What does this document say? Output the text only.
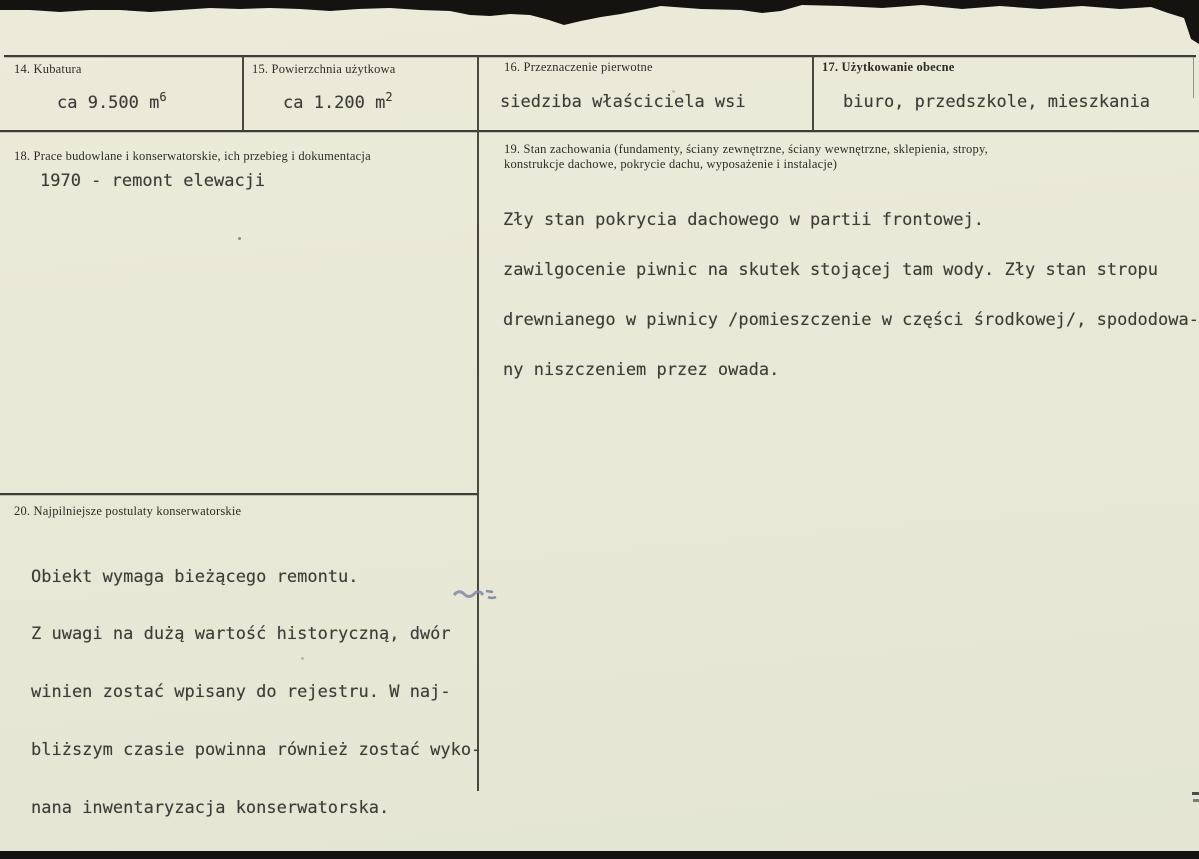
14. Kubatura
ca 9.500 $m^6$
15. Powierzchnia użytkowa
ca 1.200 $m^2$
16. Przeznaczenie pierwotne
siedziba właściciela wsi
17. Użytkowanie obecne
biuro, przedszkole, mieszkania
18. Prace budowlane i konserwatorskie, ich przebieg i dokumentacja
1970 - remont elewacji
19. Stan zachowania (fundamenty, ściany zewnętrzne, ściany wewnętrzne, sklepienia, stropy,
konstrukcje dachowe, pokrycie dachu, wyposażenie i instalacje)

Zły stan pokrycia dachowego w partii frontowej.

zawilgocenie piwnic na skutek stojącej tam wody. Zły stan stropu

drewnianego w piwnicy /pomieszczenie w części środkowej/, spododowa-

ny niszczeniem przez owada.

20. Najpilniejsze postulaty konserwatorskie

Obiekt wymaga bieżącego remontu.

Z uwagi na dużą wartość historyczną, dwór

winien zostać wpisany do rejestru. W naj-

bliższym czasie powinna również zostać wyko-

nana inwentaryzacja konserwatorska.
